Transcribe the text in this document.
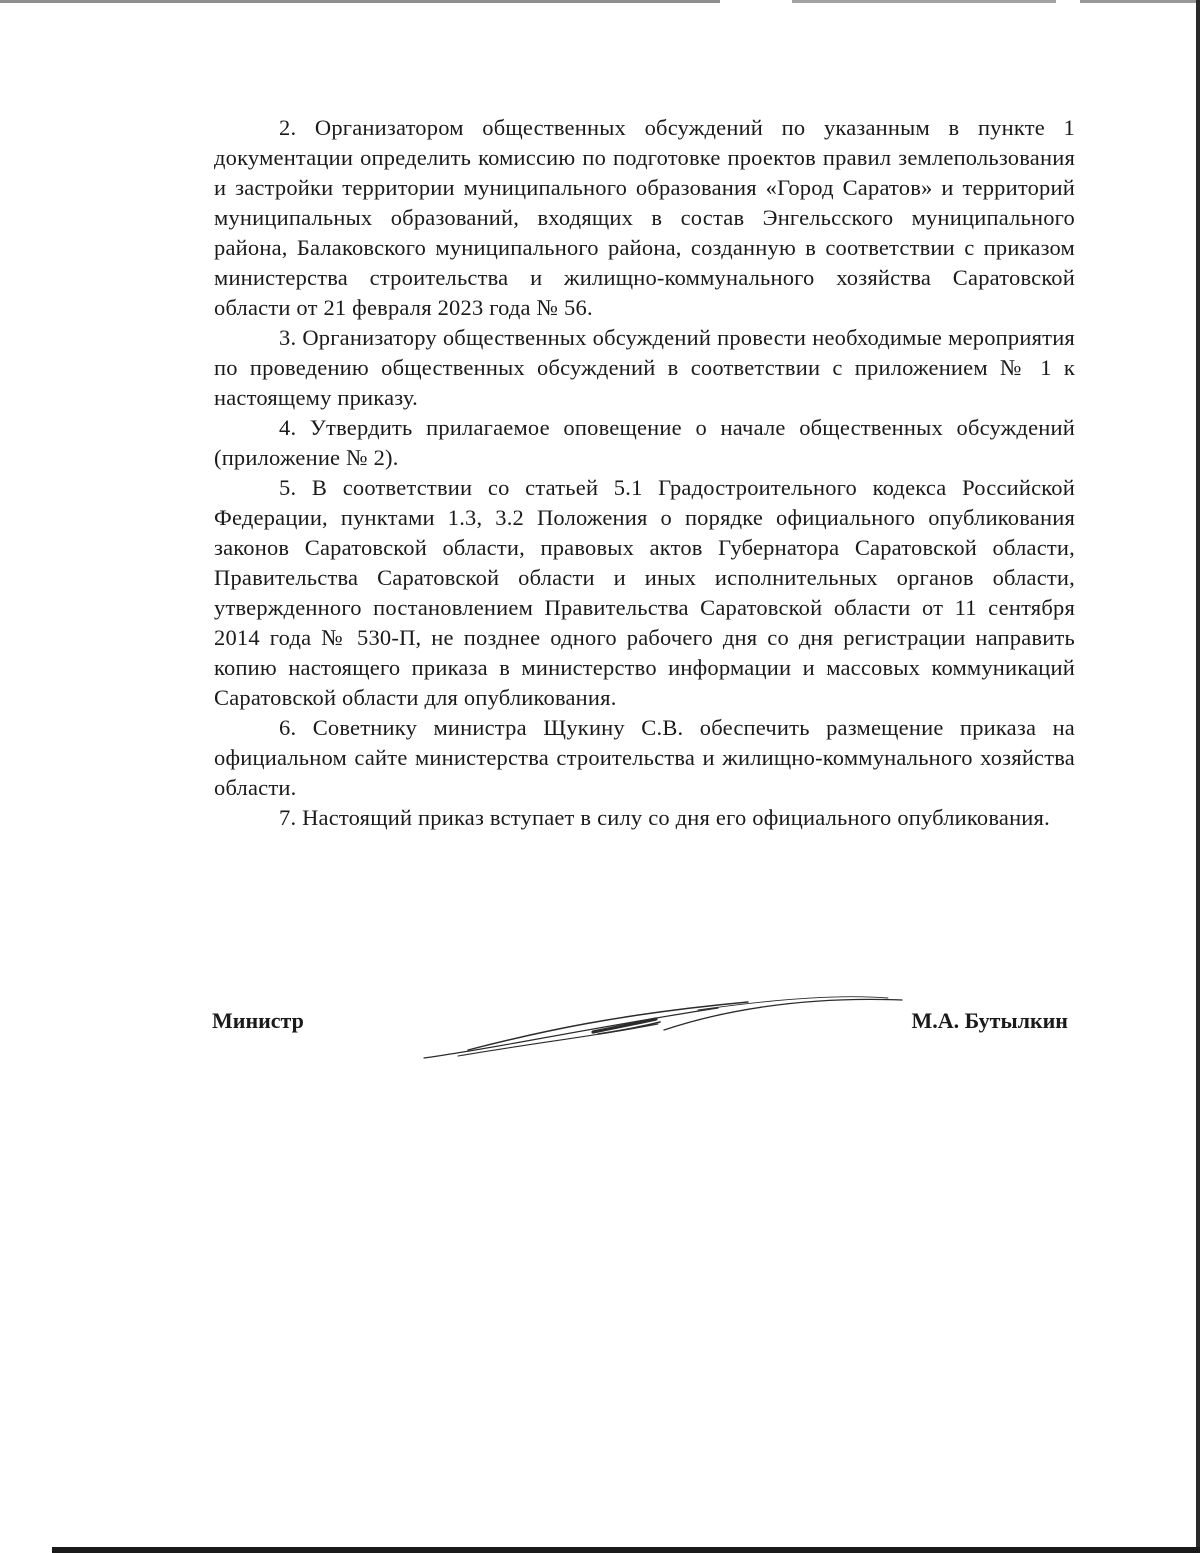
2. Организатором общественных обсуждений по указанным в пункте 1 документации определить комиссию по подготовке проектов правил землепользования и застройки территории муниципального образования «Город Саратов» и территорий муниципальных образований, входящих в состав Энгельсского муниципального района, Балаковского муниципального района, созданную в соответствии с приказом министерства строительства и жилищно-коммунального хозяйства Саратовской области от 21 февраля 2023 года № 56.

3. Организатору общественных обсуждений провести необходимые мероприятия по проведению общественных обсуждений в соответствии с приложением № 1 к настоящему приказу.

4. Утвердить прилагаемое оповещение о начале общественных обсуждений (приложение № 2).

5. В соответствии со статьей 5.1 Градостроительного кодекса Российской Федерации, пунктами 1.3, 3.2 Положения о порядке официального опубликования законов Саратовской области, правовых актов Губернатора Саратовской области, Правительства Саратовской области и иных исполнительных органов области, утвержденного постановлением Правительства Саратовской области от 11 сентября 2014 года № 530-П, не позднее одного рабочего дня со дня регистрации направить копию настоящего приказа в министерство информации и массовых коммуникаций Саратовской области для опубликования.

6. Советнику министра Щукину С.В. обеспечить размещение приказа на официальном сайте министерства строительства и жилищно-коммунального хозяйства области.

7. Настоящий приказ вступает в силу со дня его официального опубликования.

Министр	М.А. Бутылкин
